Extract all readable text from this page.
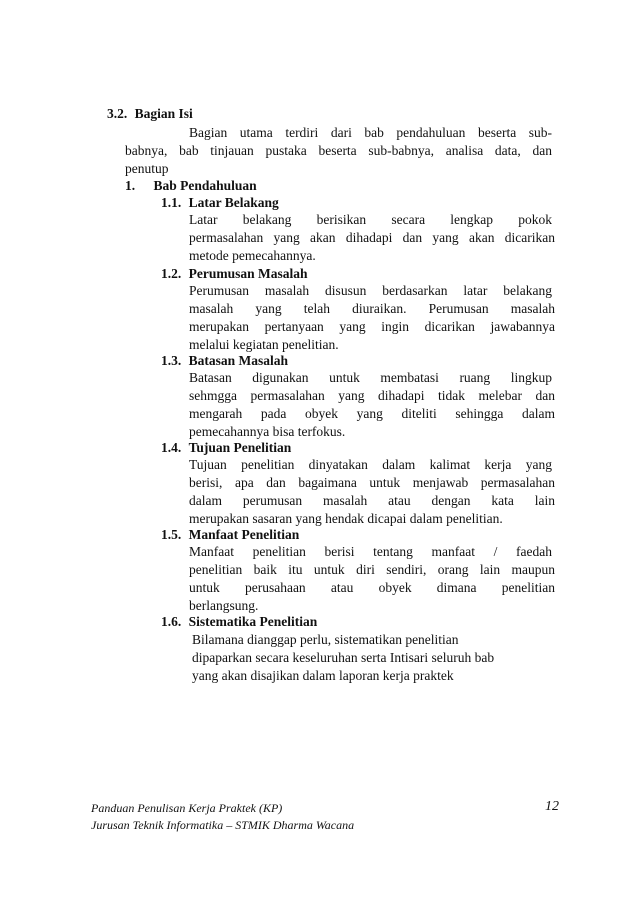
3.2. Bagian Isi
Bagian utama terdiri dari bab pendahuluan beserta sub-
babnya, bab tinjauan pustaka beserta sub-babnya, analisa data, dan
penutup
1. Bab Pendahuluan
1.1. Latar Belakang
Latar belakang berisikan secara lengkap pokok
permasalahan yang akan dihadapi dan yang akan dicarikan
metode pemecahannya.
1.2. Perumusan Masalah
Perumusan masalah disusun berdasarkan latar belakang
masalah yang telah diuraikan. Perumusan masalah
merupakan pertanyaan yang ingin dicarikan jawabannya
melalui kegiatan penelitian.
1.3. Batasan Masalah
Batasan digunakan untuk membatasi ruang lingkup
sehmgga permasalahan yang dihadapi tidak melebar dan
mengarah pada obyek yang diteliti sehingga dalam
pemecahannya bisa terfokus.
1.4. Tujuan Penelitian
Tujuan penelitian dinyatakan dalam kalimat kerja yang
berisi, apa dan bagaimana untuk menjawab permasalahan
dalam perumusan masalah atau dengan kata lain
merupakan sasaran yang hendak dicapai dalam penelitian.
1.5. Manfaat Penelitian
Manfaat penelitian berisi tentang manfaat / faedah
penelitian baik itu untuk diri sendiri, orang lain maupun
untuk perusahaan atau obyek dimana penelitian
berlangsung.
1.6. Sistematika Penelitian
Bilamana dianggap perlu, sistematikan penelitian
dipaparkan secara keseluruhan serta Intisari seluruh bab
yang akan disajikan dalam laporan kerja praktek
Panduan Penulisan Kerja Praktek (KP)
Jurusan Teknik Informatika – STMIK Dharma Wacana
12
